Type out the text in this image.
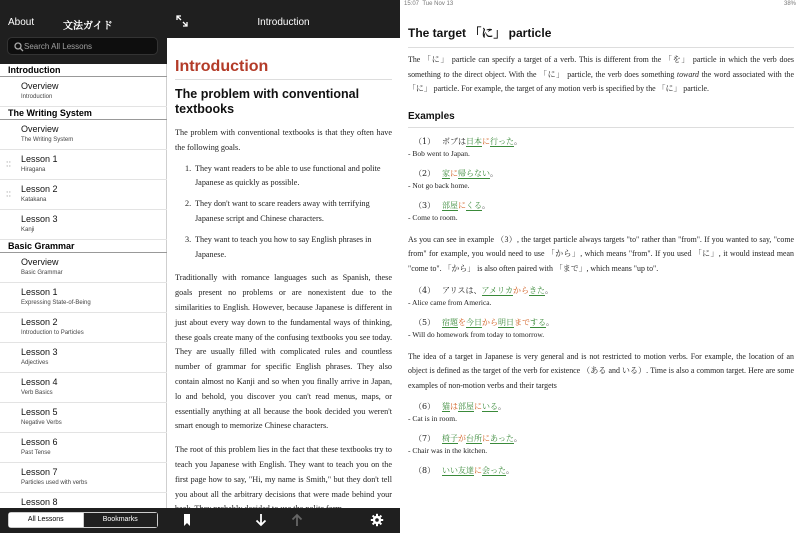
About	文法ガイド
Search All Lessons
Introduction
Overview
Introduction
The Writing System
Overview
The Writing System
Lesson 1
Hiragana
Lesson 2
Katakana
Lesson 3
Kanji
Basic Grammar
Overview
Basic Grammar
Lesson 1
Expressing State-of-Being
Lesson 2
Introduction to Particles
Lesson 3
Adjectives
Lesson 4
Verb Basics
Lesson 5
Negative Verbs
Lesson 6
Past Tense
Lesson 7
Particles used with verbs
Lesson 8
All Lessons	Bookmarks
Introduction
Introduction
The problem with conventional textbooks

The problem with conventional textbooks is that they often have the following goals.

1. They want readers to be able to use functional and polite Japanese as quickly as possible.
2. They don't want to scare readers away with terrifying Japanese script and Chinese characters.
3. They want to teach you how to say English phrases in Japanese.

Traditionally with romance languages such as Spanish, these goals present no problems or are nonexistent due to the similarities to English. However, because Japanese is different in just about every way down to the fundamental ways of thinking, these goals create many of the confusing textbooks you see today. They are usually filled with complicated rules and countless number of grammar for specific English phrases. They also contain almost no Kanji and so when you finally arrive in Japan, lo and behold, you discover you can't read menus, maps, or essentially anything at all because the book decided you weren't smart enough to memorize Chinese characters.

The root of this problem lies in the fact that these textbooks try to teach you Japanese with English. They want to teach you on the first page how to say, "Hi, my name is Smith," but they don't tell you about all the arbitrary decisions that were made behind your

15:07 Tue Nov 13	38%
The target 「に」 particle

The 「に」 particle can specify a target of a verb. This is different from the 「を」 particle in which the verb does something to the direct object. With the 「に」 particle, the verb does something toward the word associated with the 「に」 particle. For example, the target of any motion verb is specified by the 「に」 particle.

Examples
（1） ボブは日本に行った。
- Bob went to Japan.
（2） 家に帰らない。
- Not go back home.
（3） 部屋にくる。
- Come to room.

As you can see in example （3）, the target particle always targets "to" rather than "from". If you wanted to say, "come from" for example, you would need to use 「から」, which means "from". If you used 「に」, it would instead mean "come to". 「から」 is also often paired with 「まで」, which means "up to".

（4） アリスは、アメリカからきた。
- Alice came from America.
（5） 宿題を今日から明日までする。
- Will do homework from today to tomorrow.

The idea of a target in Japanese is very general and is not restricted to motion verbs. For example, the location of an object is defined as the target of the verb for existence （ある and いる）. Time is also a common target. Here are some examples of non-motion verbs and their targets

（6） 猫は部屋にいる。
- Cat is in room.
（7） 椅子が台所にあった。
- Chair was in the kitchen.
（8） いい友達に会った。
